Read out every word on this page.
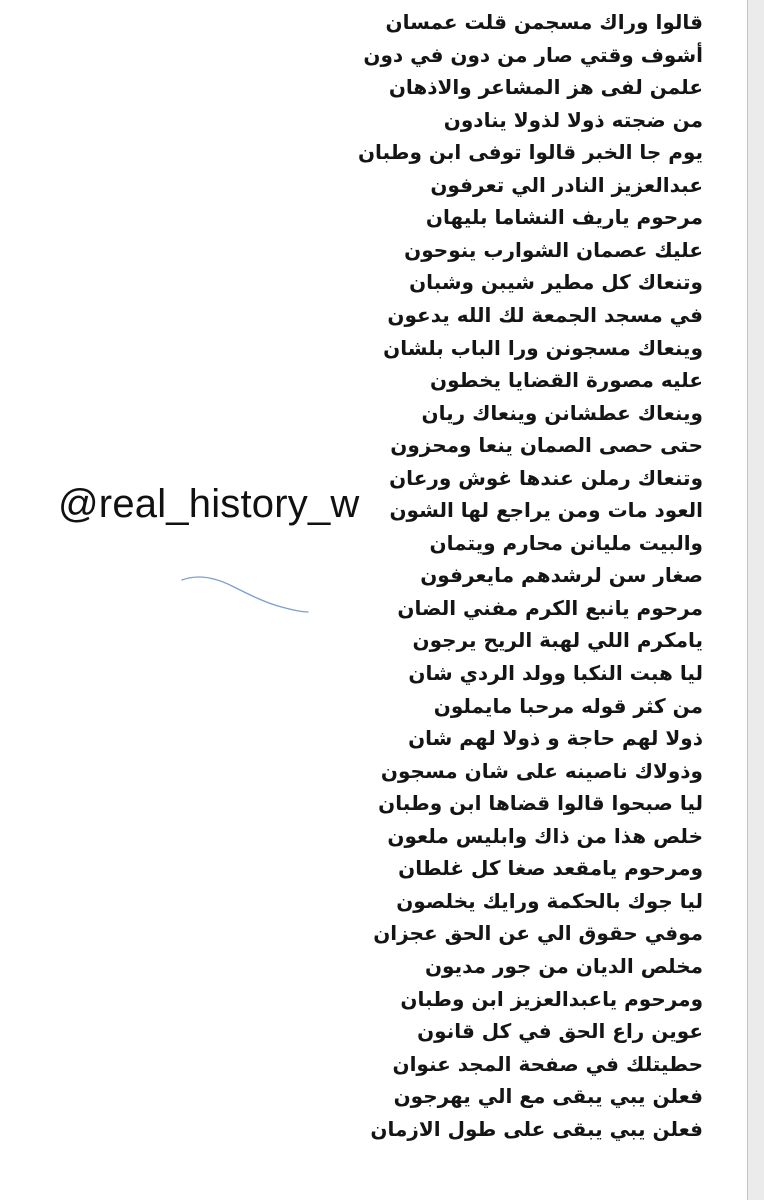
قالوا وراك مسجمن قلت عمسان
أشوف وقتي صار من دون في دون
علمن لفى هز المشاعر والاذهان
من ضجته ذولا لذولا ينادون
يوم جا الخبر قالوا توفى ابن وطبان
عبدالعزيز النادر الي تعرفون
مرحوم ياريف النشاما بليهان
عليك عصمان الشوارب ينوحون
وتنعاك كل مطير شيبن وشبان
في مسجد الجمعة لك الله يدعون
وينعاك مسجونن ورا الباب بلشان
عليه مصورة القضايا يخطون
وينعاك عطشانن وينعاك ريان
حتى حصى الصمان ينعا ومحزون
وتنعاك رملن عندها غوش ورعان
العود مات ومن يراجع لها الشون
والبيت مليانن محارم ويتمان
صغار سن لرشدهم مايعرفون
مرحوم يانبع الكرم مفني الضان
يامكرم اللي لهبة الريح يرجون
ليا هبت النكبا وولد الردي شان
من كثر قوله مرحبا مايملون
ذولا لهم حاجة و ذولا لهم شان
وذولاك ناصينه على شان مسجون
ليا صبحوا قالوا قضاها ابن وطبان
خلص هذا من ذاك وابليس ملعون
ومرحوم يامقعد صغا كل غلطان
ليا جوك بالحكمة ورايك يخلصون
موفي حقوق الي عن الحق عجزان
مخلص الديان من جور مديون
ومرحوم ياعبدالعزيز ابن وطبان
عوين راع الحق في كل قانون
حطيتلك في صفحة المجد عنوان
فعلن يبي يبقى مع الي يهرجون
فعلن يبي يبقى على طول الازمان
@real_history_w
